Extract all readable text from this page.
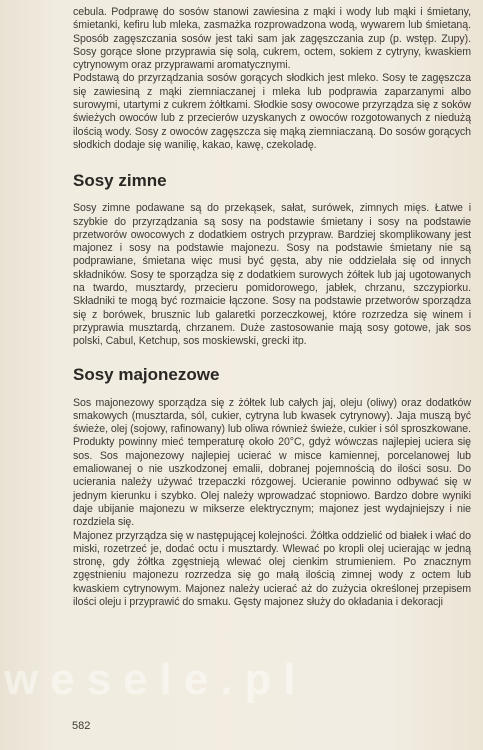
cebula. Podprawę do sosów stanowi zawiesina z mąki i wody lub mąki i śmietany, śmietanki, kefiru lub mleka, zasmażka rozprowadzona wodą, wywarem lub śmietaną. Sposób zagęszczania sosów jest taki sam jak zagęszczania zup (p. wstęp. Zupy). Sosy gorące słone przyprawia się solą, cukrem, octem, sokiem z cytryny, kwaskiem cytrynowym oraz przyprawami aromatycznymi.

Podstawą do przyrządzania sosów gorących słodkich jest mleko. Sosy te zagęszcza się zawiesiną z mąki ziemniaczanej i mleka lub podprawia zaparzanymi albo surowymi, utartymi z cukrem żółtkami. Słodkie sosy owocowe przyrządza się z soków świeżych owoców lub z przecierów uzyskanych z owoców rozgotowanych z niedużą ilością wody. Sosy z owoców zagęszcza się mąką ziemniaczaną. Do sosów gorących słodkich dodaje się wanilię, kakao, kawę, czekoladę.

Sosy zimne

Sosy zimne podawane są do przekąsek, sałat, surówek, zimnych mięs. Łatwe i szybkie do przyrządzania są sosy na podstawie śmietany i sosy na podstawie przetworów owocowych z dodatkiem ostrych przypraw. Bardziej skomplikowany jest majonez i sosy na podstawie majonezu. Sosy na podstawie śmietany nie są podprawiane, śmietana więc musi być gęsta, aby nie oddzielała się od innych składników. Sosy te sporządza się z dodatkiem surowych żółtek lub jaj ugotowanych na twardo, musztardy, przecieru pomidorowego, jabłek, chrzanu, szczypiorku. Składniki te mogą być rozmaicie łączone. Sosy na podstawie przetworów sporządza się z borówek, brusznic lub galaretki porzeczkowej, które rozrzedza się winem i przyprawia musztardą, chrzanem. Duże zastosowanie mają sosy gotowe, jak sos polski, Cabul, Ketchup, sos moskiewski, grecki itp.

Sosy majonezowe

Sos majonezowy sporządza się z żółtek lub całych jaj, oleju (oliwy) oraz dodatków smakowych (musztarda, sól, cukier, cytryna lub kwasek cytrynowy). Jaja muszą być świeże, olej (sojowy, rafinowany) lub oliwa również świeże, cukier i sól sproszkowane. Produkty powinny mieć temperaturę około 20°C, gdyż wówczas najlepiej uciera się sos. Sos majonezowy najlepiej ucierać w misce kamiennej, porcelanowej lub emaliowanej o nie uszkodzonej emalii, dobranej pojemnością do ilości sosu. Do ucierania należy używać trzepaczki rózgowej. Ucieranie powinno odbywać się w jednym kierunku i szybko. Olej należy wprowadzać stopniowo. Bardzo dobre wyniki daje ubijanie majonezu w mikserze elektrycznym; majonez jest wydajniejszy i nie rozdziela się.

Majonez przyrządza się w następującej kolejności. Żółtka oddzielić od białek i włać do miski, rozetrzeć je, dodać octu i musztardy. Wlewać po kropli olej ucierając w jedną stronę, gdy żółtka zgęstnieją wlewać olej cienkim strumieniem. Po znacznym zgęstnieniu majonezu rozrzedza się go małą ilością zimnej wody z octem lub kwaskiem cytrynowym. Majonez należy ucierać aż do zużycia określonej przepisem ilości oleju i przyprawić do smaku. Gęsty majonez służy do okładania i dekoracji

wesele.pl
582
